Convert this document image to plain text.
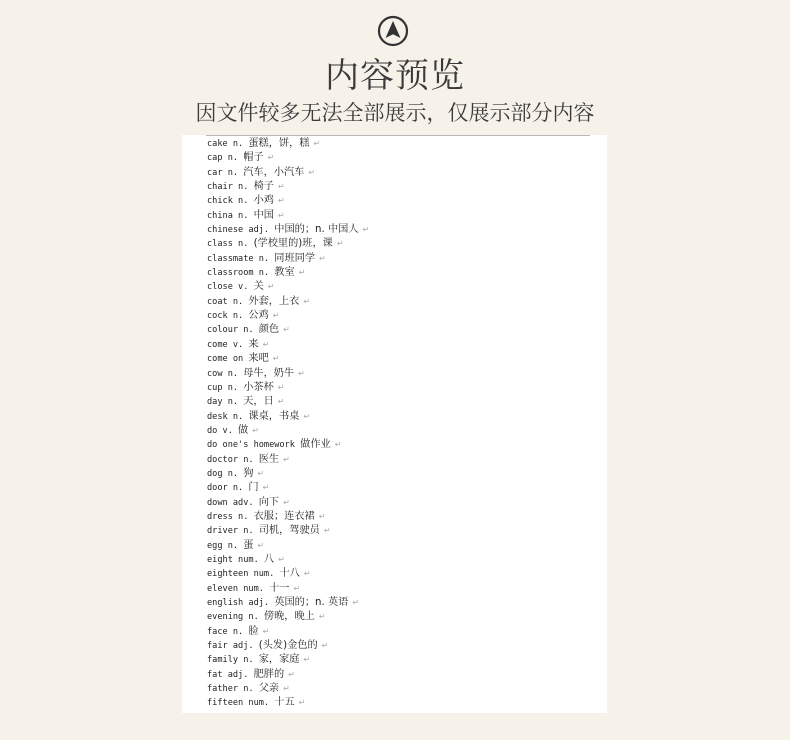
内容预览
因文件较多无法全部展示，仅展示部分内容
cake n. 蛋糕，饼，糕 ↵
cap n. 帽子 ↵
car n. 汽车，小汽车 ↵
chair n. 椅子 ↵
chick n. 小鸡 ↵
china n. 中国 ↵
chinese adj. 中国的；n. 中国人 ↵
class n. (学校里的)班，课 ↵
classmate n. 同班同学 ↵
classroom n. 教室 ↵
close v. 关 ↵
coat n. 外套，上衣 ↵
cock n. 公鸡 ↵
colour n. 颜色 ↵
come v. 来 ↵
come on 来吧 ↵
cow n. 母牛，奶牛 ↵
cup n. 小茶杯 ↵
day n. 天，日 ↵
desk n. 课桌，书桌 ↵
do v. 做 ↵
do one's homework 做作业 ↵
doctor n. 医生 ↵
dog n. 狗 ↵
door n. 门 ↵
down adv. 向下 ↵
dress n. 衣服；连衣裙 ↵
driver n. 司机，驾驶员 ↵
egg n. 蛋 ↵
eight num. 八 ↵
eighteen num. 十八 ↵
eleven num. 十一 ↵
english adj. 英国的；n. 英语 ↵
evening n. 傍晚，晚上 ↵
face n. 脸 ↵
fair adj. (头发)金色的 ↵
family n. 家，家庭 ↵
fat adj. 肥胖的 ↵
father n. 父亲 ↵
fifteen num. 十五 ↵
